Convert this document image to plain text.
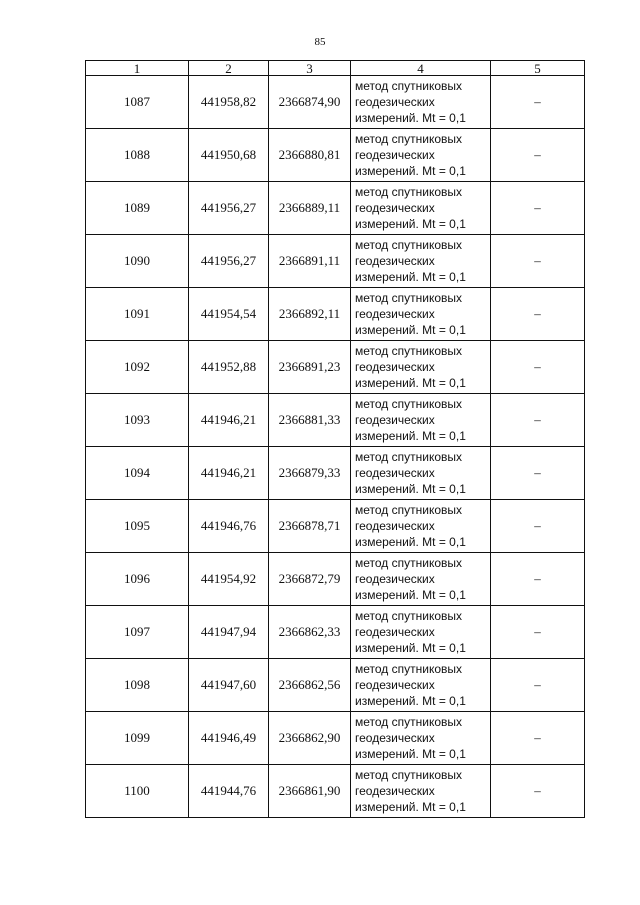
85
1	2	3	4	5
1087	441958,82	2366874,90	метод спутниковых
геодезических
измерений. Mt = 0,1	–
1088	441950,68	2366880,81	метод спутниковых
геодезических
измерений. Mt = 0,1	–
1089	441956,27	2366889,11	метод спутниковых
геодезических
измерений. Mt = 0,1	–
1090	441956,27	2366891,11	метод спутниковых
геодезических
измерений. Mt = 0,1	–
1091	441954,54	2366892,11	метод спутниковых
геодезических
измерений. Mt = 0,1	–
1092	441952,88	2366891,23	метод спутниковых
геодезических
измерений. Mt = 0,1	–
1093	441946,21	2366881,33	метод спутниковых
геодезических
измерений. Mt = 0,1	–
1094	441946,21	2366879,33	метод спутниковых
геодезических
измерений. Mt = 0,1	–
1095	441946,76	2366878,71	метод спутниковых
геодезических
измерений. Mt = 0,1	–
1096	441954,92	2366872,79	метод спутниковых
геодезических
измерений. Mt = 0,1	–
1097	441947,94	2366862,33	метод спутниковых
геодезических
измерений. Mt = 0,1	–
1098	441947,60	2366862,56	метод спутниковых
геодезических
измерений. Mt = 0,1	–
1099	441946,49	2366862,90	метод спутниковых
геодезических
измерений. Mt = 0,1	–
1100	441944,76	2366861,90	метод спутниковых
геодезических
измерений. Mt = 0,1	–
